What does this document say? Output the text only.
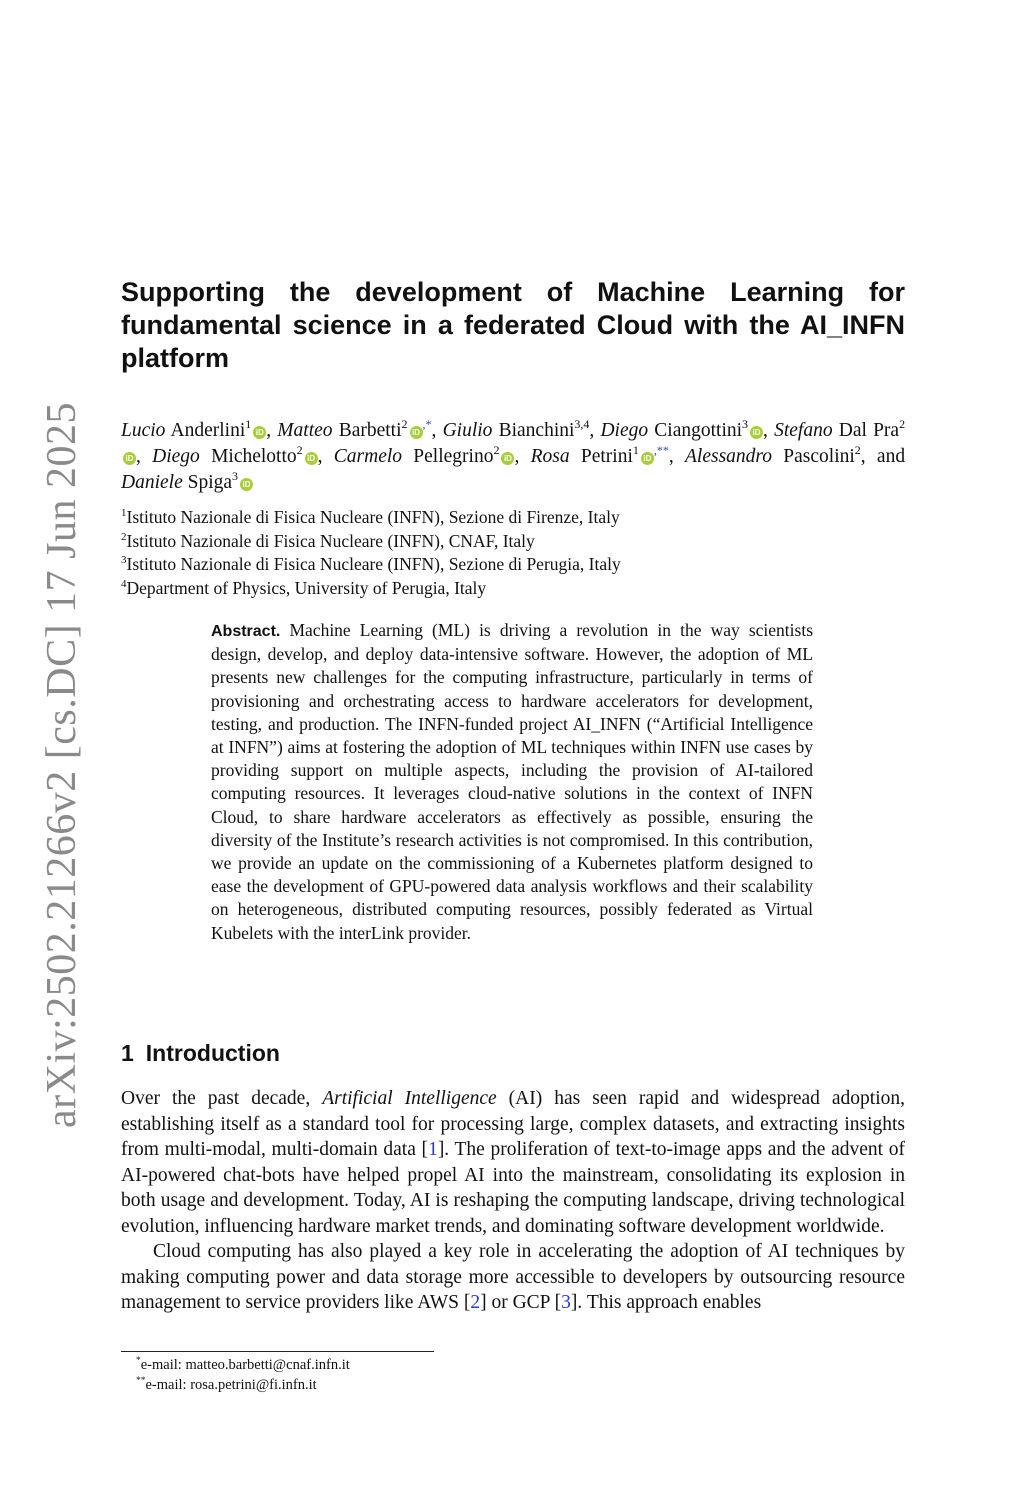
arXiv:2502.21266v2 [cs.DC] 17 Jun 2025
Supporting the development of Machine Learning for fundamental science in a federated Cloud with the AI_INFN platform

Lucio Anderlini$^1$iD , Matteo Barbetti$^2$iD,*, Giulio Bianchini$^{3,4}$, Diego Ciangottini$^3$iD , Stefano Dal Pra$^2$iD , Diego Michelotto$^2$iD , Carmelo Pellegrino$^2$iD , Rosa Petrini$^1$iD,**, Alessandro Pascolini$^2$, and Daniele Spiga$^3$iD

$^1$Istituto Nazionale di Fisica Nucleare (INFN), Sezione di Firenze, Italy
$^2$Istituto Nazionale di Fisica Nucleare (INFN), CNAF, Italy
$^3$Istituto Nazionale di Fisica Nucleare (INFN), Sezione di Perugia, Italy
$^4$Department of Physics, University of Perugia, Italy

Abstract. Machine Learning (ML) is driving a revolution in the way scientists design, develop, and deploy data-intensive software. However, the adoption of ML presents new challenges for the computing infrastructure, particularly in terms of provisioning and orchestrating access to hardware accelerators for development, testing, and production. The INFN-funded project AI_INFN (“Artificial Intelligence at INFN”) aims at fostering the adoption of ML techniques within INFN use cases by providing support on multiple aspects, including the provision of AI-tailored computing resources. It leverages cloud-native solutions in the context of INFN Cloud, to share hardware accelerators as effectively as possible, ensuring the diversity of the Institute’s research activities is not compromised. In this contribution, we provide an update on the commissioning of a Kubernetes platform designed to ease the development of GPU-powered data analysis workflows and their scalability on heterogeneous, distributed computing resources, possibly federated as Virtual Kubelets with the interLink provider.

1 Introduction

Over the past decade, Artificial Intelligence (AI) has seen rapid and widespread adoption, establishing itself as a standard tool for processing large, complex datasets, and extracting insights from multi-modal, multi-domain data [1]. The proliferation of text-to-image apps and the advent of AI-powered chat-bots have helped propel AI into the mainstream, consolidating its explosion in both usage and development. Today, AI is reshaping the computing landscape, driving technological evolution, influencing hardware market trends, and dominating software development worldwide.

Cloud computing has also played a key role in accelerating the adoption of AI techniques by making computing power and data storage more accessible to developers by outsourcing resource management to service providers like AWS [2] or GCP [3]. This approach enables

*e-mail: matteo.barbetti@cnaf.infn.it
**e-mail: rosa.petrini@fi.infn.it
